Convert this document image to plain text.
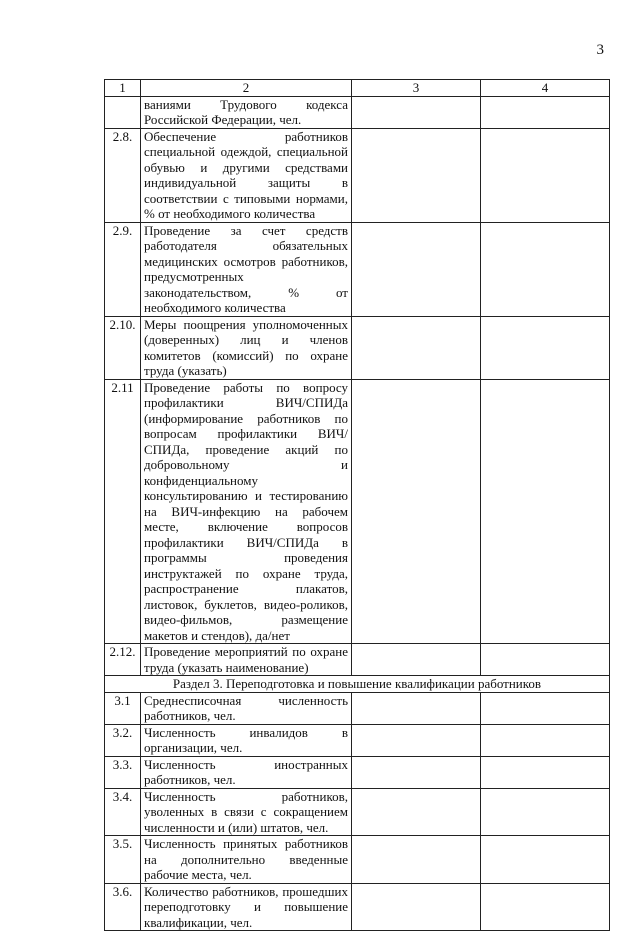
3
1	2	3	4
	ваниями Трудового кодекса Российской Федерации, чел.		
2.8.	Обеспечение работников специальной одеждой, специальной обувью и другими средствами индивидуальной защиты в соответствии с типовыми нормами, % от необходимого количества		
2.9.	Проведение за счет средств работодателя обязательных медицинских осмотров работников, предусмотренных законодательством, % от необходимого количества		
2.10.	Меры поощрения уполномоченных (доверенных) лиц и членов комитетов (комиссий) по охране труда (указать)		
2.11	Проведение работы по вопросу профилактики ВИЧ/СПИДа (информирование работников по вопросам профилактики ВИЧ/СПИДа, проведение акций по добровольному и конфиденциальному консультированию и тестированию на ВИЧ-инфекцию на рабочем месте, включение вопросов профилактики ВИЧ/СПИДа в программы проведения инструктажей по охране труда, распространение плакатов, листовок, буклетов, видео-роликов, видео-фильмов, размещение макетов и стендов), да/нет		
2.12.	Проведение мероприятий по охране труда (указать наименование)		
Раздел 3. Переподготовка и повышение квалификации работников			
3.1	Среднесписочная численность работников, чел.		
3.2.	Численность инвалидов в организации, чел.		
3.3.	Численность иностранных работников, чел.		
3.4.	Численность работников, уволенных в связи с сокращением численности и (или) штатов, чел.		
3.5.	Численность принятых работников на дополнительно введенные рабочие места, чел.		
3.6.	Количество работников, прошедших переподготовку и повышение квалификации, чел.		
